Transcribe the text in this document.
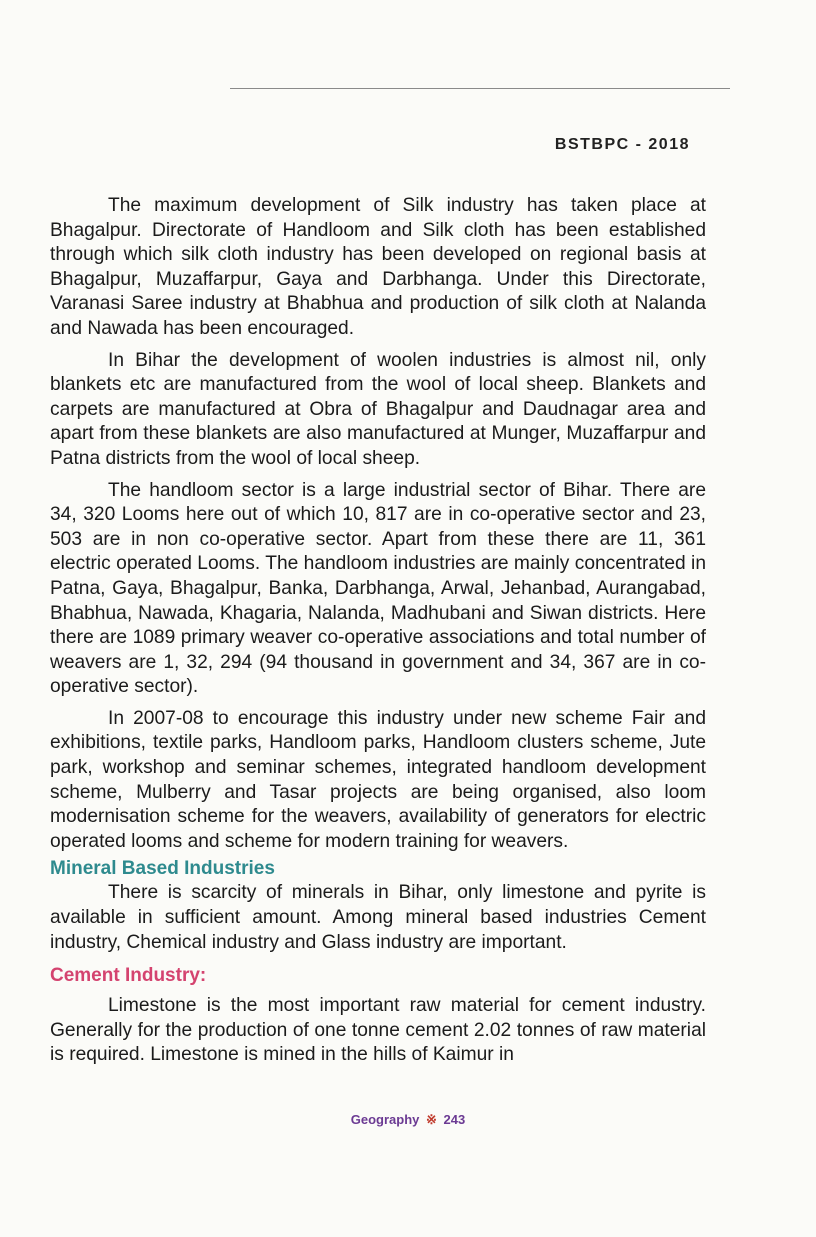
BSTBPC - 2018

The maximum development of Silk industry has taken place at Bhagalpur. Directorate of Handloom and Silk cloth has been established through which silk cloth industry has been developed on regional basis at Bhagalpur, Muzaffarpur, Gaya and Darbhanga. Under this Directorate, Varanasi Saree industry at Bhabhua and production of silk cloth at Nalanda and Nawada has been encouraged.

In Bihar the development of woolen industries is almost nil, only blankets etc are manufactured from the wool of local sheep. Blankets and carpets are manufactured at Obra of Bhagalpur and Daudnagar area and apart from these blankets are also manufactured at Munger, Muzaffarpur and Patna districts from the wool of local sheep.

The handloom sector is a large industrial sector of Bihar. There are 34, 320 Looms here out of which 10, 817 are in co-operative sector and 23, 503 are in non co-operative sector. Apart from these there are 11, 361 electric operated Looms. The handloom industries are mainly concentrated in Patna, Gaya, Bhagalpur, Banka, Darbhanga, Arwal, Jehanbad, Aurangabad, Bhabhua, Nawada, Khagaria, Nalanda, Madhubani and Siwan districts. Here there are 1089 primary weaver co-operative associations and total number of weavers are 1, 32, 294 (94 thousand in government and 34, 367 are in co-operative sector).

In 2007-08 to encourage this industry under new scheme Fair and exhibitions, textile parks, Handloom parks, Handloom clusters scheme, Jute park, workshop and seminar schemes, integrated handloom development scheme, Mulberry and Tasar projects are being organised, also loom modernisation scheme for the weavers, availability of generators for electric operated looms and scheme for modern training for weavers.

Mineral Based Industries

There is scarcity of minerals in Bihar, only limestone and pyrite is available in sufficient amount. Among mineral based industries Cement industry, Chemical industry and Glass industry are important.

Cement Industry:

Limestone is the most important raw material for cement industry. Generally for the production of one tonne cement 2.02 tonnes of raw material is required. Limestone is mined in the hills of Kaimur in

Geography ※ 243
